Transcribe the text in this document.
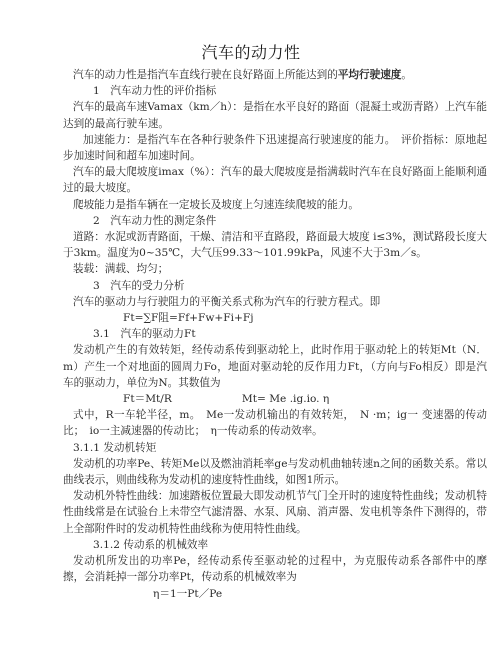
汽车的动力性

汽车的动力性是指汽车直线行驶在良好路面上所能达到的平均行驶速度。

1　汽车动力性的评价指标

汽车的最高车速Vamax（km／h）：是指在水平良好的路面（混凝土或沥青路）上汽车能达到的最高行驶车速。

加速能力：是指汽车在各种行驶条件下迅速提高行驶速度的能力。　评价指标：原地起步加速时间和超车加速时间。

汽车的最大爬坡度imax（%）：汽车的最大爬坡度是指满载时汽车在良好路面上能顺利通过的最大坡度。

爬坡能力是指车辆在一定坡长及坡度上匀速连续爬坡的能力。

2　汽车动力性的测定条件

道路：水泥或沥青路面，干燥、清洁和平直路段，路面最大坡度 i≤3%，测试路段长度大于3km。温度为0~35℃，大气压99.33～101.99kPa，风速不大于3m／s。

装载：满载、均匀；

3　汽车的受力分析

汽车的驱动力与行驶阻力的平衡关系式称为汽车的行驶方程式。即

Ft=∑F阻=Ff+Fw+Fi+Fj

3.1　汽车的驱动力Ft

发动机产生的有效转矩，经传动系传到驱动轮上，此时作用于驱动轮上的转矩Mt（N．m）产生一个对地面的圆周力Fo，地面对驱动轮的反作用力Ft，（方向与Fo相反）即是汽车的驱动力，单位为N。其数值为

Ft＝Mt/R	Mt= Me .ig.io. η

式中，R一车轮半径，m。　Me一发动机输出的有效转矩，　N ·m；ig一 变速器的传动比；　io一主减速器的传动比；　η一传动系的传动效率。

3.1.1 发动机转矩

发动机的功率Pe、转矩Me以及燃油消耗率ge与发动机曲轴转速n之间的函数关系。常以曲线表示，则曲线称为发动机的速度特性曲线，如图1所示。

发动机外特性曲线：加速踏板位置最大即发动机节气门全开时的速度特性曲线；发动机特性曲线常是在试验台上未带空气滤清器、水泵、风扇、消声器、发电机等条件下测得的，带上全部附件时的发动机特性曲线称为使用特性曲线。

3.1.2 传动系的机械效率

发动机所发出的功率Pe，经传动系传至驱动轮的过程中，为克服传动系各部件中的摩擦，会消耗掉一部分功率Pt，传动系的机械效率为

η＝1一Pt／Pe
